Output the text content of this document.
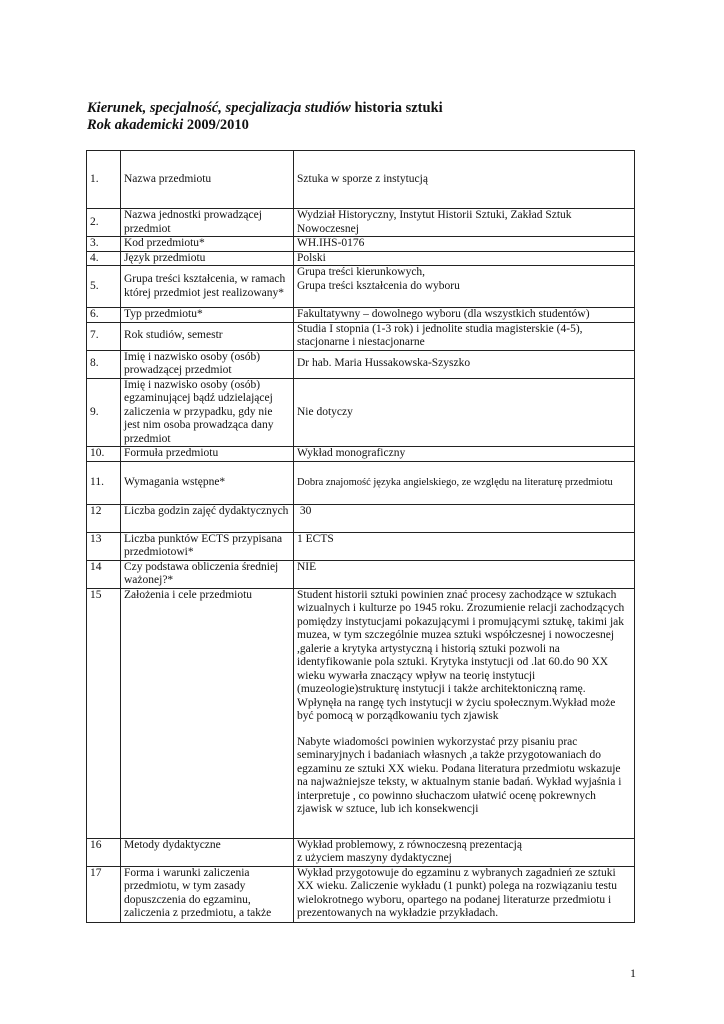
Kierunek, specjalność, specjalizacja studiów historia sztuki
Rok akademicki 2009/2010
1.	Nazwa przedmiotu	Sztuka w sporze z instytucją
2.	Nazwa jednostki prowadzącej przedmiot	Wydział Historyczny, Instytut Historii Sztuki, Zakład Sztuk Nowoczesnej
3.	Kod przedmiotu*	WH.IHS-0176
4.	Język przedmiotu	Polski
5.	Grupa treści kształcenia, w ramach której przedmiot jest realizowany*	Grupa treści kierunkowych,
Grupa treści kształcenia do wyboru
6.	Typ przedmiotu*	Fakultatywny – dowolnego wyboru (dla wszystkich studentów)
7.	Rok studiów, semestr	Studia I stopnia (1-3 rok) i jednolite studia magisterskie (4-5), stacjonarne i niestacjonarne
8.	Imię i nazwisko osoby (osób) prowadzącej przedmiot	Dr hab. Maria Hussakowska-Szyszko
9.	Imię i nazwisko osoby (osób) egzaminującej bądź udzielającej zaliczenia w przypadku, gdy nie jest nim osoba prowadząca dany przedmiot	Nie dotyczy
10.	Formuła przedmiotu	Wykład monograficzny
11.	Wymagania wstępne*	Dobra znajomość języka angielskiego, ze względu na literaturę przedmiotu
12	Liczba godzin zajęć dydaktycznych	30
13	Liczba punktów ECTS przypisana przedmiotowi*	1 ECTS
14	Czy podstawa obliczenia średniej ważonej?*	NIE
15	Założenia i cele przedmiotu	Student historii sztuki powinien znać procesy zachodzące w sztukach wizualnych i kulturze po 1945 roku. Zrozumienie relacji zachodzących pomiędzy instytucjami pokazującymi i promującymi sztukę, takimi jak muzea, w tym szczególnie muzea sztuki współczesnej i nowoczesnej ,galerie a krytyka artystyczną i historią sztuki pozwoli na identyfikowanie pola sztuki. Krytyka instytucji od .lat 60.do 90 XX wieku wywarła znaczący wpływ na teorię instytucji (muzeologie)strukturę instytucji i także architektoniczną ramę. Wpłynęła na rangę tych instytucji w życiu społecznym.Wykład może być pomocą w porządkowaniu tych zjawisk
Nabyte wiadomości powinien wykorzystać przy pisaniu prac seminaryjnych i badaniach własnych ,a także przygotowaniach do egzaminu ze sztuki XX wieku. Podana literatura przedmiotu wskazuje na najważniejsze teksty, w aktualnym stanie badań. Wykład wyjaśnia i interpretuje , co powinno słuchaczom ułatwić ocenę pokrewnych zjawisk w sztuce, lub ich konsekwencji

16	Metody dydaktyczne	Wykład problemowy, z równoczesną prezentacją
z użyciem maszyny dydaktycznej
17	Forma i warunki zaliczenia przedmiotu, w tym zasady dopuszczenia do egzaminu, zaliczenia z przedmiotu, a także	Wykład przygotowuje do egzaminu z wybranych zagadnień ze sztuki XX wieku. Zaliczenie wykładu (1 punkt) polega na rozwiązaniu testu wielokrotnego wyboru, opartego na podanej literaturze przedmiotu i prezentowanych na wykładzie przykładach.
1
